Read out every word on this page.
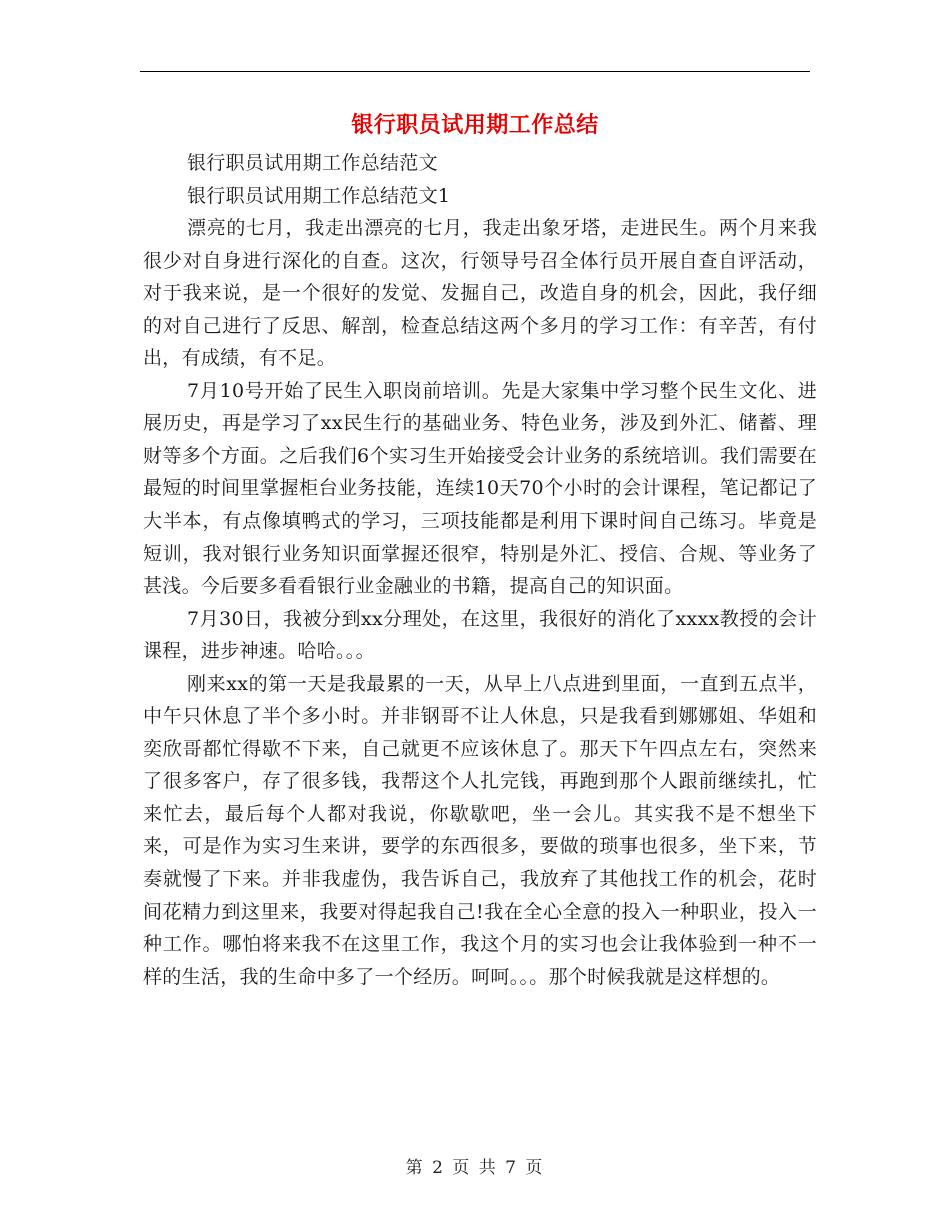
银行职员试用期工作总结

银行职员试用期工作总结范文

银行职员试用期工作总结范文1

漂亮的七月，我走出漂亮的七月，我走出象牙塔，走进民生。两个月来我很少对自身进行深化的自查。这次，行领导号召全体行员开展自查自评活动，对于我来说，是一个很好的发觉、发掘自己，改造自身的机会，因此，我仔细的对自己进行了反思、解剖，检查总结这两个多月的学习工作：有辛苦，有付出，有成绩，有不足。

7月10号开始了民生入职岗前培训。先是大家集中学习整个民生文化、进展历史，再是学习了xx民生行的基础业务、特色业务，涉及到外汇、储蓄、理财等多个方面。之后我们6个实习生开始接受会计业务的系统培训。我们需要在最短的时间里掌握柜台业务技能，连续10天70个小时的会计课程，笔记都记了大半本，有点像填鸭式的学习，三项技能都是利用下课时间自己练习。毕竟是短训，我对银行业务知识面掌握还很窄，特别是外汇、授信、合规、等业务了甚浅。今后要多看看银行业金融业的书籍，提高自己的知识面。

7月30日，我被分到xx分理处，在这里，我很好的消化了xxxx教授的会计课程，进步神速。哈哈。。。

刚来xx的第一天是我最累的一天，从早上八点进到里面，一直到五点半，中午只休息了半个多小时。并非钢哥不让人休息，只是我看到娜娜姐、华姐和奕欣哥都忙得歇不下来，自己就更不应该休息了。那天下午四点左右，突然来了很多客户，存了很多钱，我帮这个人扎完钱，再跑到那个人跟前继续扎，忙来忙去，最后每个人都对我说，你歇歇吧，坐一会儿。其实我不是不想坐下来，可是作为实习生来讲，要学的东西很多，要做的琐事也很多，坐下来，节奏就慢了下来。并非我虚伪，我告诉自己，我放弃了其他找工作的机会，花时间花精力到这里来，我要对得起我自己!我在全心全意的投入一种职业，投入一种工作。哪怕将来我不在这里工作，我这个月的实习也会让我体验到一种不一样的生活，我的生命中多了一个经历。呵呵。。。那个时候我就是这样想的。

第 2 页 共 7 页
